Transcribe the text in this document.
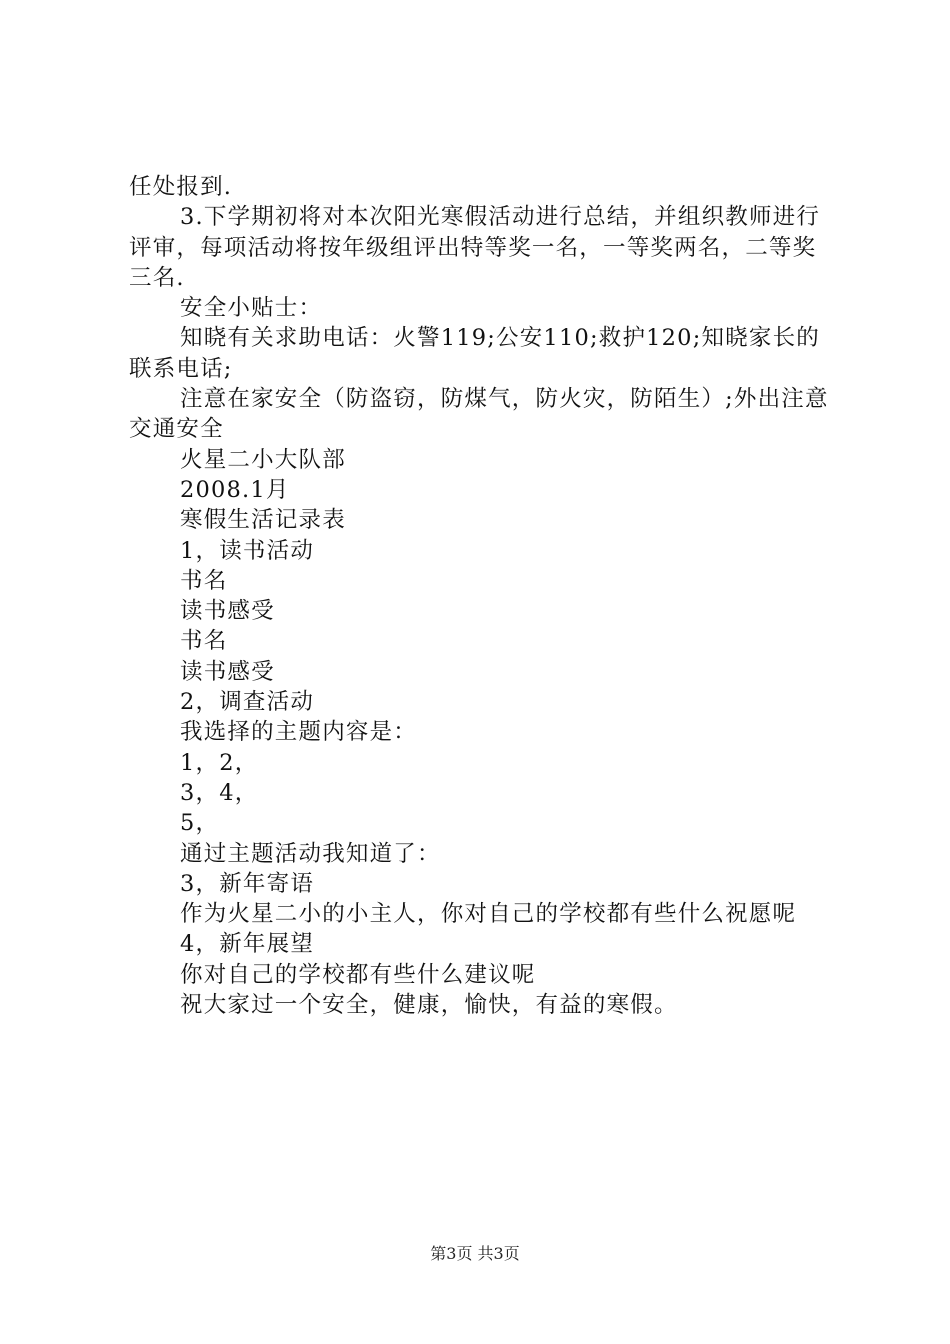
任处报到.

3.下学期初将对本次阳光寒假活动进行总结，并组织教师进行评审，每项活动将按年级组评出特等奖一名，一等奖两名，二等奖三名.

安全小贴士：

知晓有关求助电话：火警119;公安110;救护120;知晓家长的联系电话;

注意在家安全（防盗窃，防煤气，防火灾，防陌生）;外出注意交通安全

火星二小大队部

2008.1月

寒假生活记录表

1，读书活动

书名

读书感受

书名

读书感受

2，调查活动

我选择的主题内容是：

1，2，

3，4，

5，

通过主题活动我知道了：

3，新年寄语

作为火星二小的小主人，你对自己的学校都有些什么祝愿呢

4，新年展望

你对自己的学校都有些什么建议呢

祝大家过一个安全，健康，愉快，有益的寒假。

第3页 共3页
